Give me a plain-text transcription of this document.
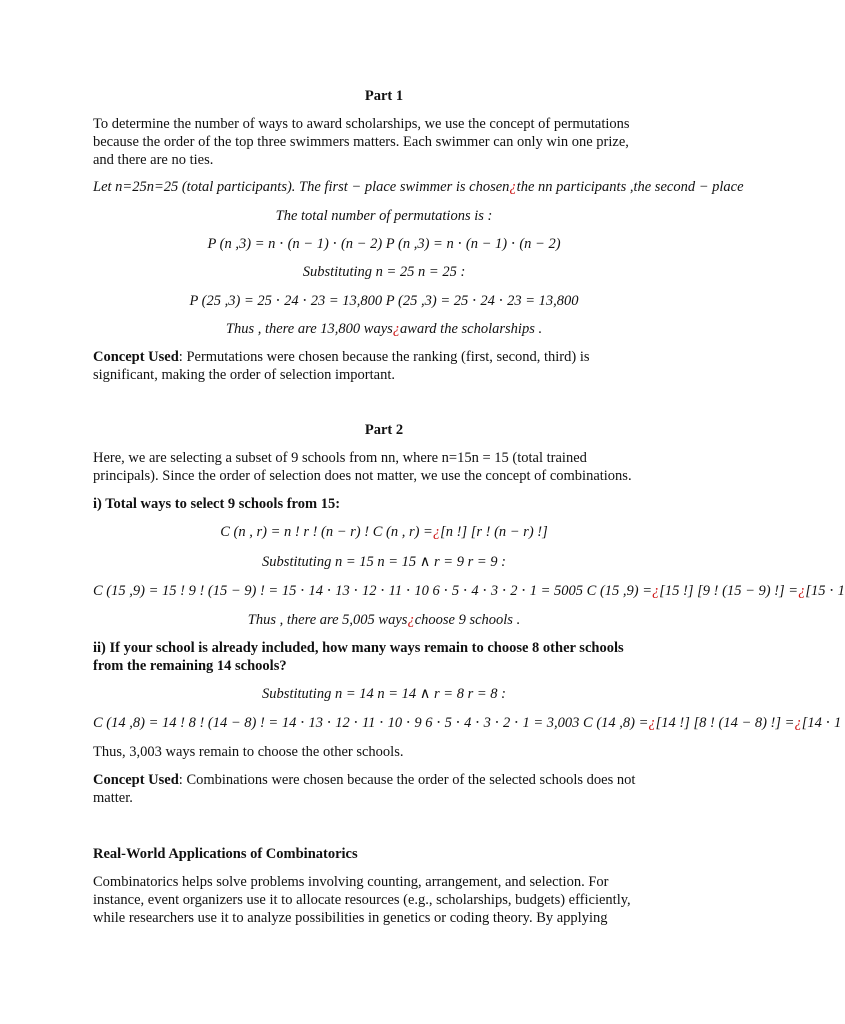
Part 1
To determine the number of ways to award scholarships, we use the concept of permutations
because the order of the top three swimmers matters. Each swimmer can only win one prize,
and there are no ties.
Let n=25n=25 (total participants). The first − place swimmer is chosen¿the nn participants ,the second − place
The total number of permutations is :
P (n ,3) = n ⋅ (n − 1) ⋅ (n − 2) P (n ,3) = n ⋅ (n − 1) ⋅ (n − 2)
Substituting n = 25 n = 25 :
P (25 ,3) = 25 ⋅ 24 ⋅ 23 = 13,800 P (25 ,3) = 25 ⋅ 24 ⋅ 23 = 13,800
Thus , there are 13,800 ways¿award the scholarships .
Concept Used: Permutations were chosen because the ranking (first, second, third) is
significant, making the order of selection important.
Part 2
Here, we are selecting a subset of 9 schools from nn, where n=15n = 15 (total trained
principals). Since the order of selection does not matter, we use the concept of combinations.
i) Total ways to select 9 schools from 15:
C (n , r) = n ! r ! (n − r) ! C (n , r) =¿[n !] [r ! (n − r) !]
Substituting n = 15 n = 15 ∧ r = 9 r = 9 :
C (15 ,9) = 15 ! 9 ! (15 − 9) ! = 15 ⋅ 14 ⋅ 13 ⋅ 12 ⋅ 11 ⋅ 10 6 ⋅ 5 ⋅ 4 ⋅ 3 ⋅ 2 ⋅ 1 = 5005 C (15 ,9) =¿[15 !] [9 ! (15 − 9) !] =¿[15 ⋅ 1
Thus , there are 5,005 ways¿choose 9 schools .
ii) If your school is already included, how many ways remain to choose 8 other schools
from the remaining 14 schools?
Substituting n = 14 n = 14 ∧ r = 8 r = 8 :
C (14 ,8) = 14 ! 8 ! (14 − 8) ! = 14 ⋅ 13 ⋅ 12 ⋅ 11 ⋅ 10 ⋅ 9 6 ⋅ 5 ⋅ 4 ⋅ 3 ⋅ 2 ⋅ 1 = 3,003 C (14 ,8) =¿[14 !] [8 ! (14 − 8) !] =¿[14 ⋅ 1
Thus, 3,003 ways remain to choose the other schools.
Concept Used: Combinations were chosen because the order of the selected schools does not
matter.
Real-World Applications of Combinatorics
Combinatorics helps solve problems involving counting, arrangement, and selection. For
instance, event organizers use it to allocate resources (e.g., scholarships, budgets) efficiently,
while researchers use it to analyze possibilities in genetics or coding theory. By applying
